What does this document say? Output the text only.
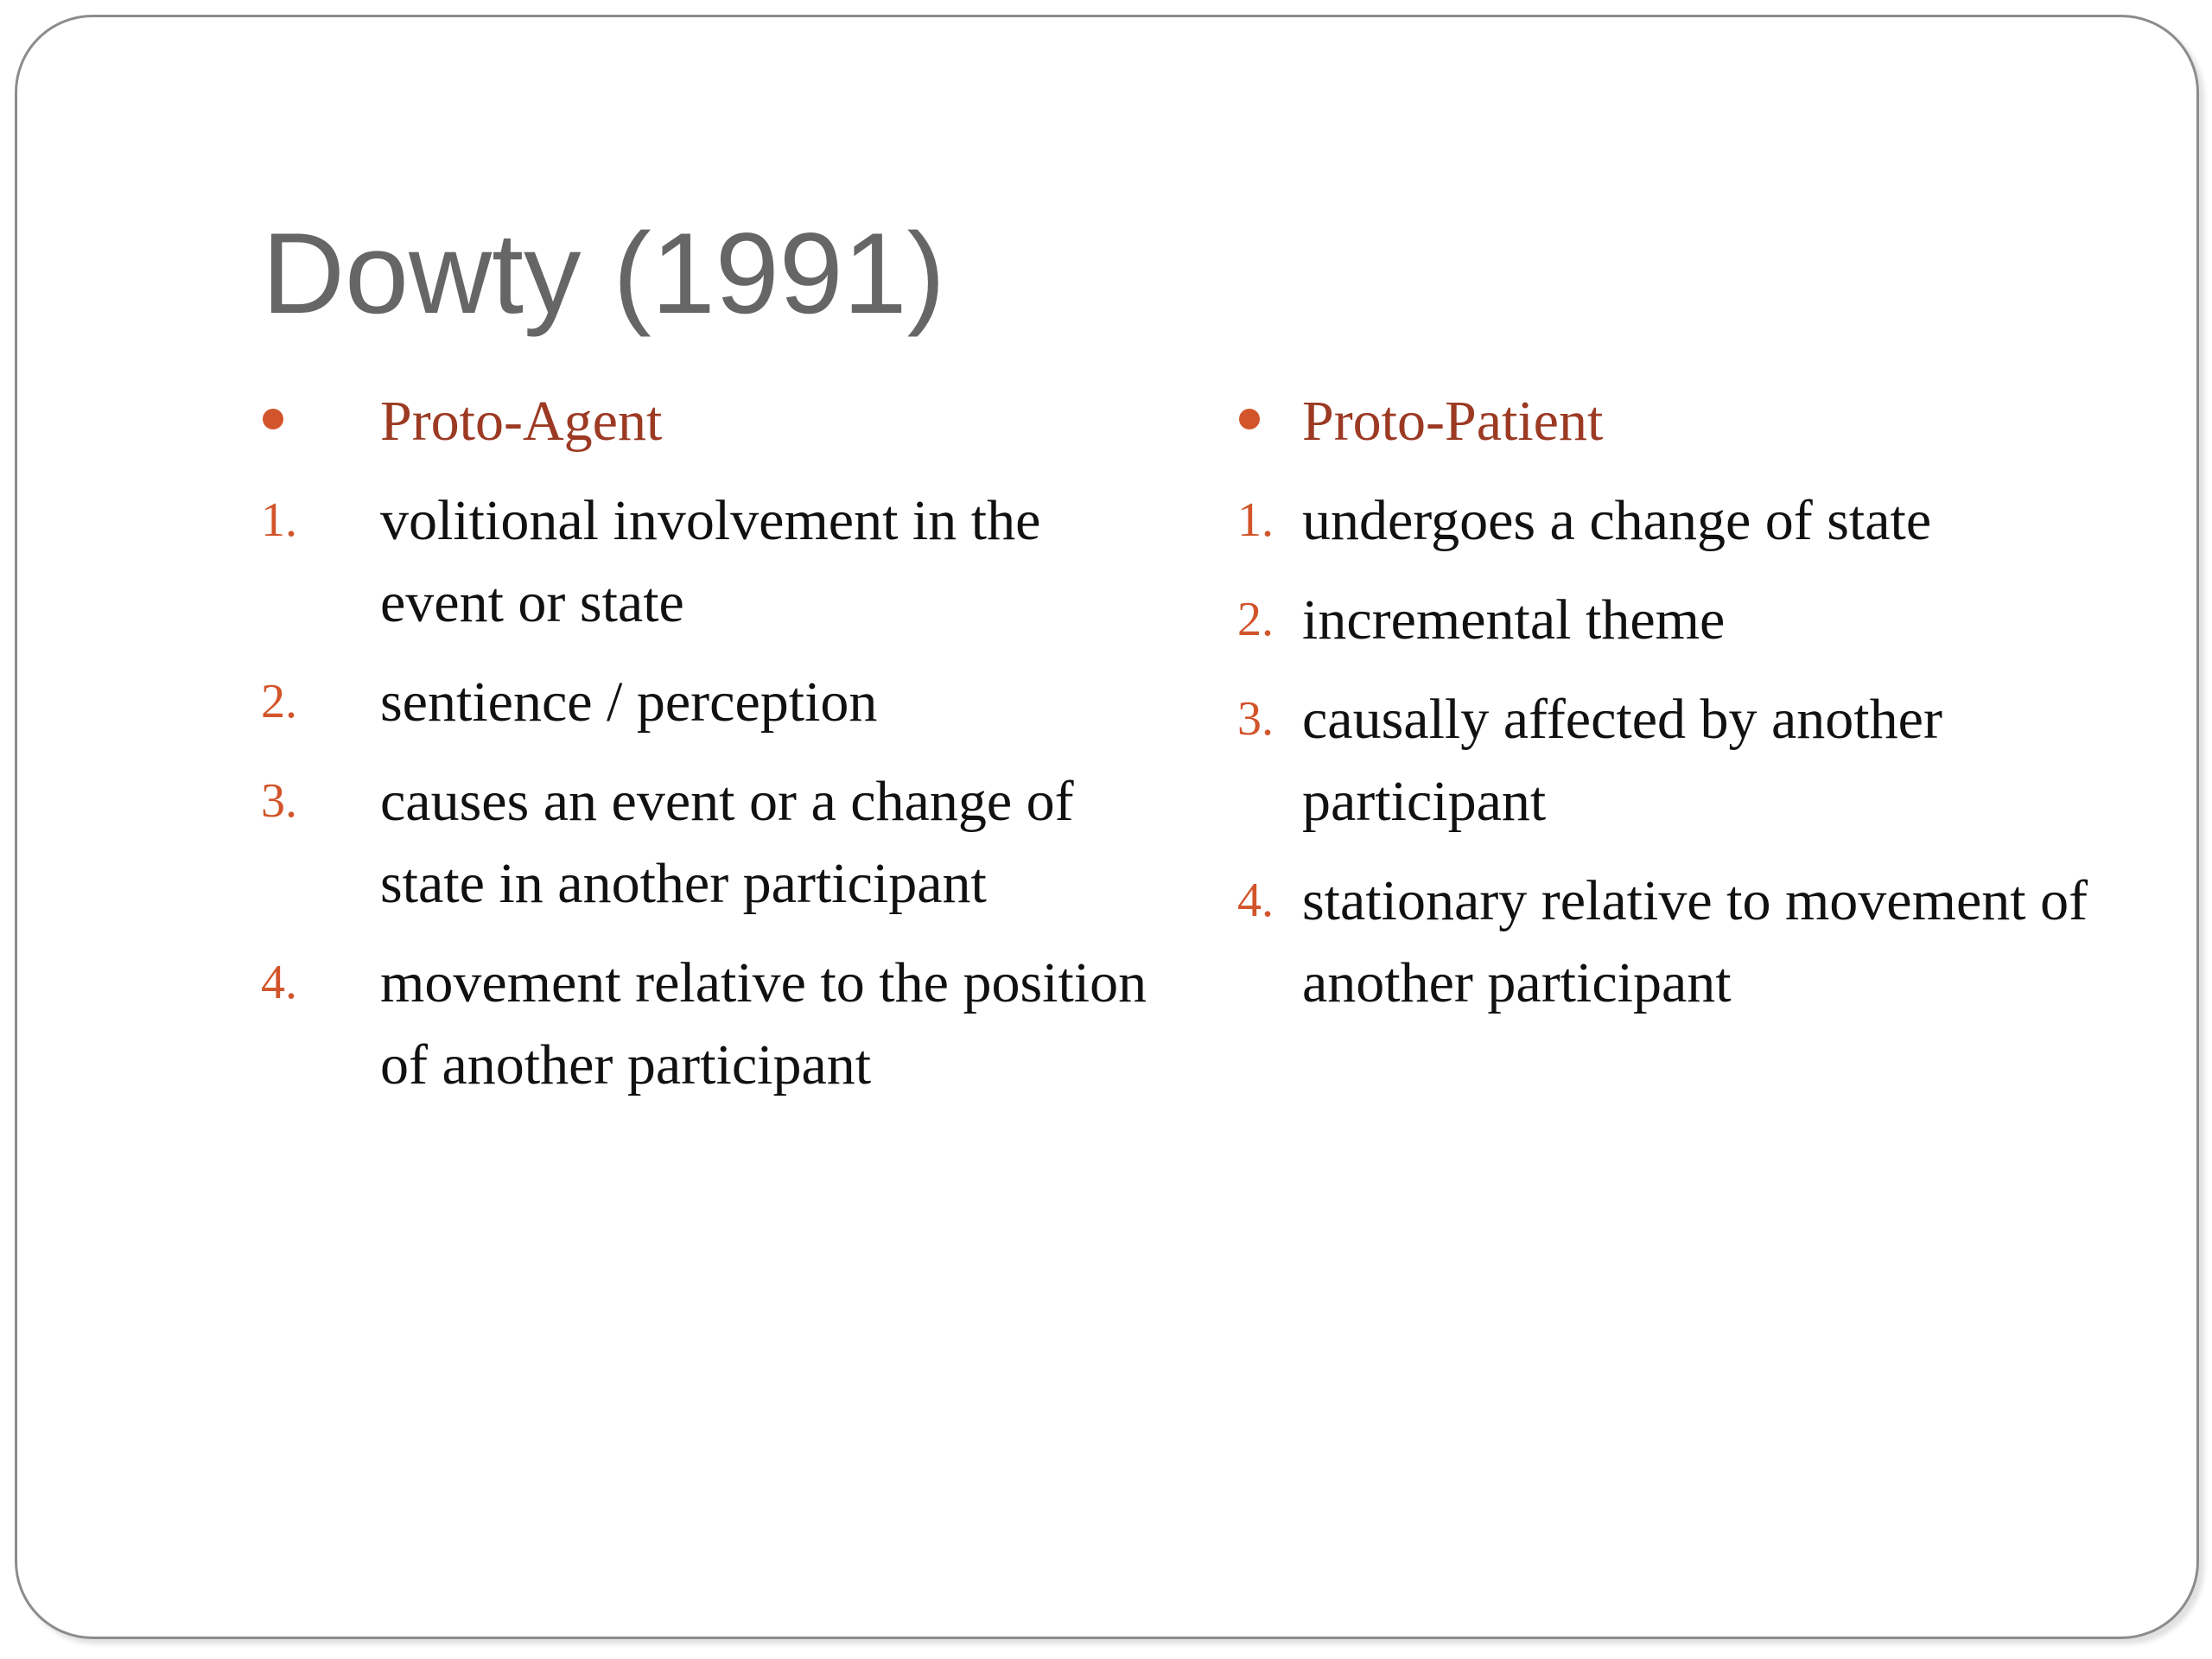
Dowty (1991)
Proto-Agent
1. volitional involvement in the event or state
2. sentience / perception
3. causes an event or a change of state in another participant
4. movement relative to the position of another participant
Proto-Patient
1. undergoes a change of state
2. incremental theme
3. causally affected by another participant
4. stationary relative to movement of another participant
